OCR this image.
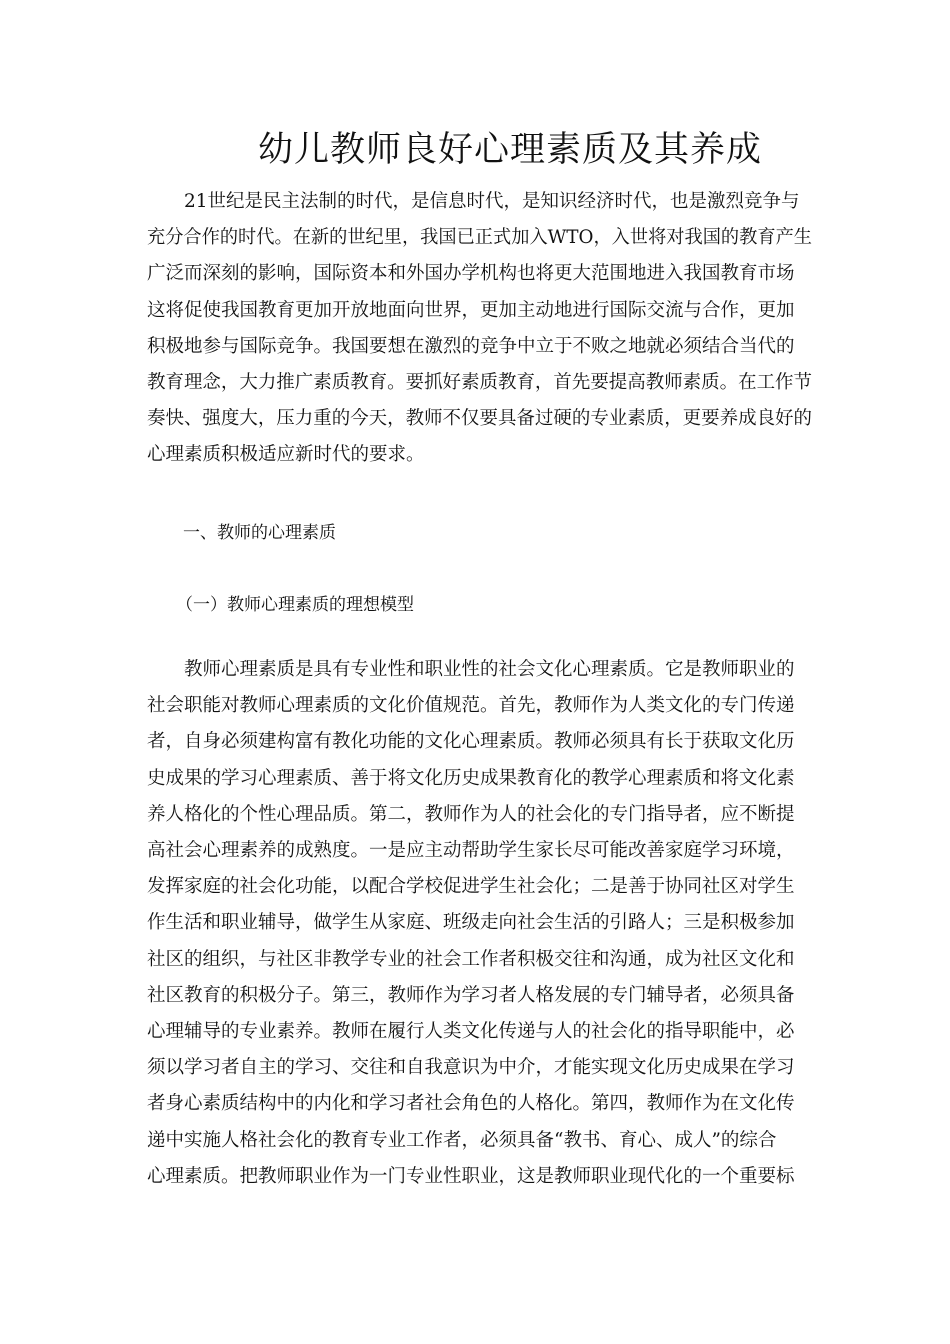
幼儿教师良好心理素质及其养成

21世纪是民主法制的时代，是信息时代，是知识经济时代，也是激烈竞争与
充分合作的时代。在新的世纪里，我国已正式加入WTO，入世将对我国的教育产生
广泛而深刻的影响，国际资本和外国办学机构也将更大范围地进入我国教育市场
这将促使我国教育更加开放地面向世界，更加主动地进行国际交流与合作，更加
积极地参与国际竞争。我国要想在激烈的竞争中立于不败之地就必须结合当代的
教育理念，大力推广素质教育。要抓好素质教育，首先要提高教师素质。在工作节
奏快、强度大，压力重的今天，教师不仅要具备过硬的专业素质，更要养成良好的
心理素质积极适应新时代的要求。

一、教师的心理素质
（一）教师心理素质的理想模型

教师心理素质是具有专业性和职业性的社会文化心理素质。它是教师职业的
社会职能对教师心理素质的文化价值规范。首先，教师作为人类文化的专门传递
者，自身必须建构富有教化功能的文化心理素质。教师必须具有长于获取文化历
史成果的学习心理素质、善于将文化历史成果教育化的教学心理素质和将文化素
养人格化的个性心理品质。第二，教师作为人的社会化的专门指导者，应不断提
高社会心理素养的成熟度。一是应主动帮助学生家长尽可能改善家庭学习环境，
发挥家庭的社会化功能，以配合学校促进学生社会化；二是善于协同社区对学生
作生活和职业辅导，做学生从家庭、班级走向社会生活的引路人；三是积极参加
社区的组织，与社区非教学专业的社会工作者积极交往和沟通，成为社区文化和
社区教育的积极分子。第三，教师作为学习者人格发展的专门辅导者，必须具备
心理辅导的专业素养。教师在履行人类文化传递与人的社会化的指导职能中，必
须以学习者自主的学习、交往和自我意识为中介，才能实现文化历史成果在学习
者身心素质结构中的内化和学习者社会角色的人格化。第四，教师作为在文化传
递中实施人格社会化的教育专业工作者，必须具备“教书、育心、成人”的综合
心理素质。把教师职业作为一门专业性职业，这是教师职业现代化的一个重要标
